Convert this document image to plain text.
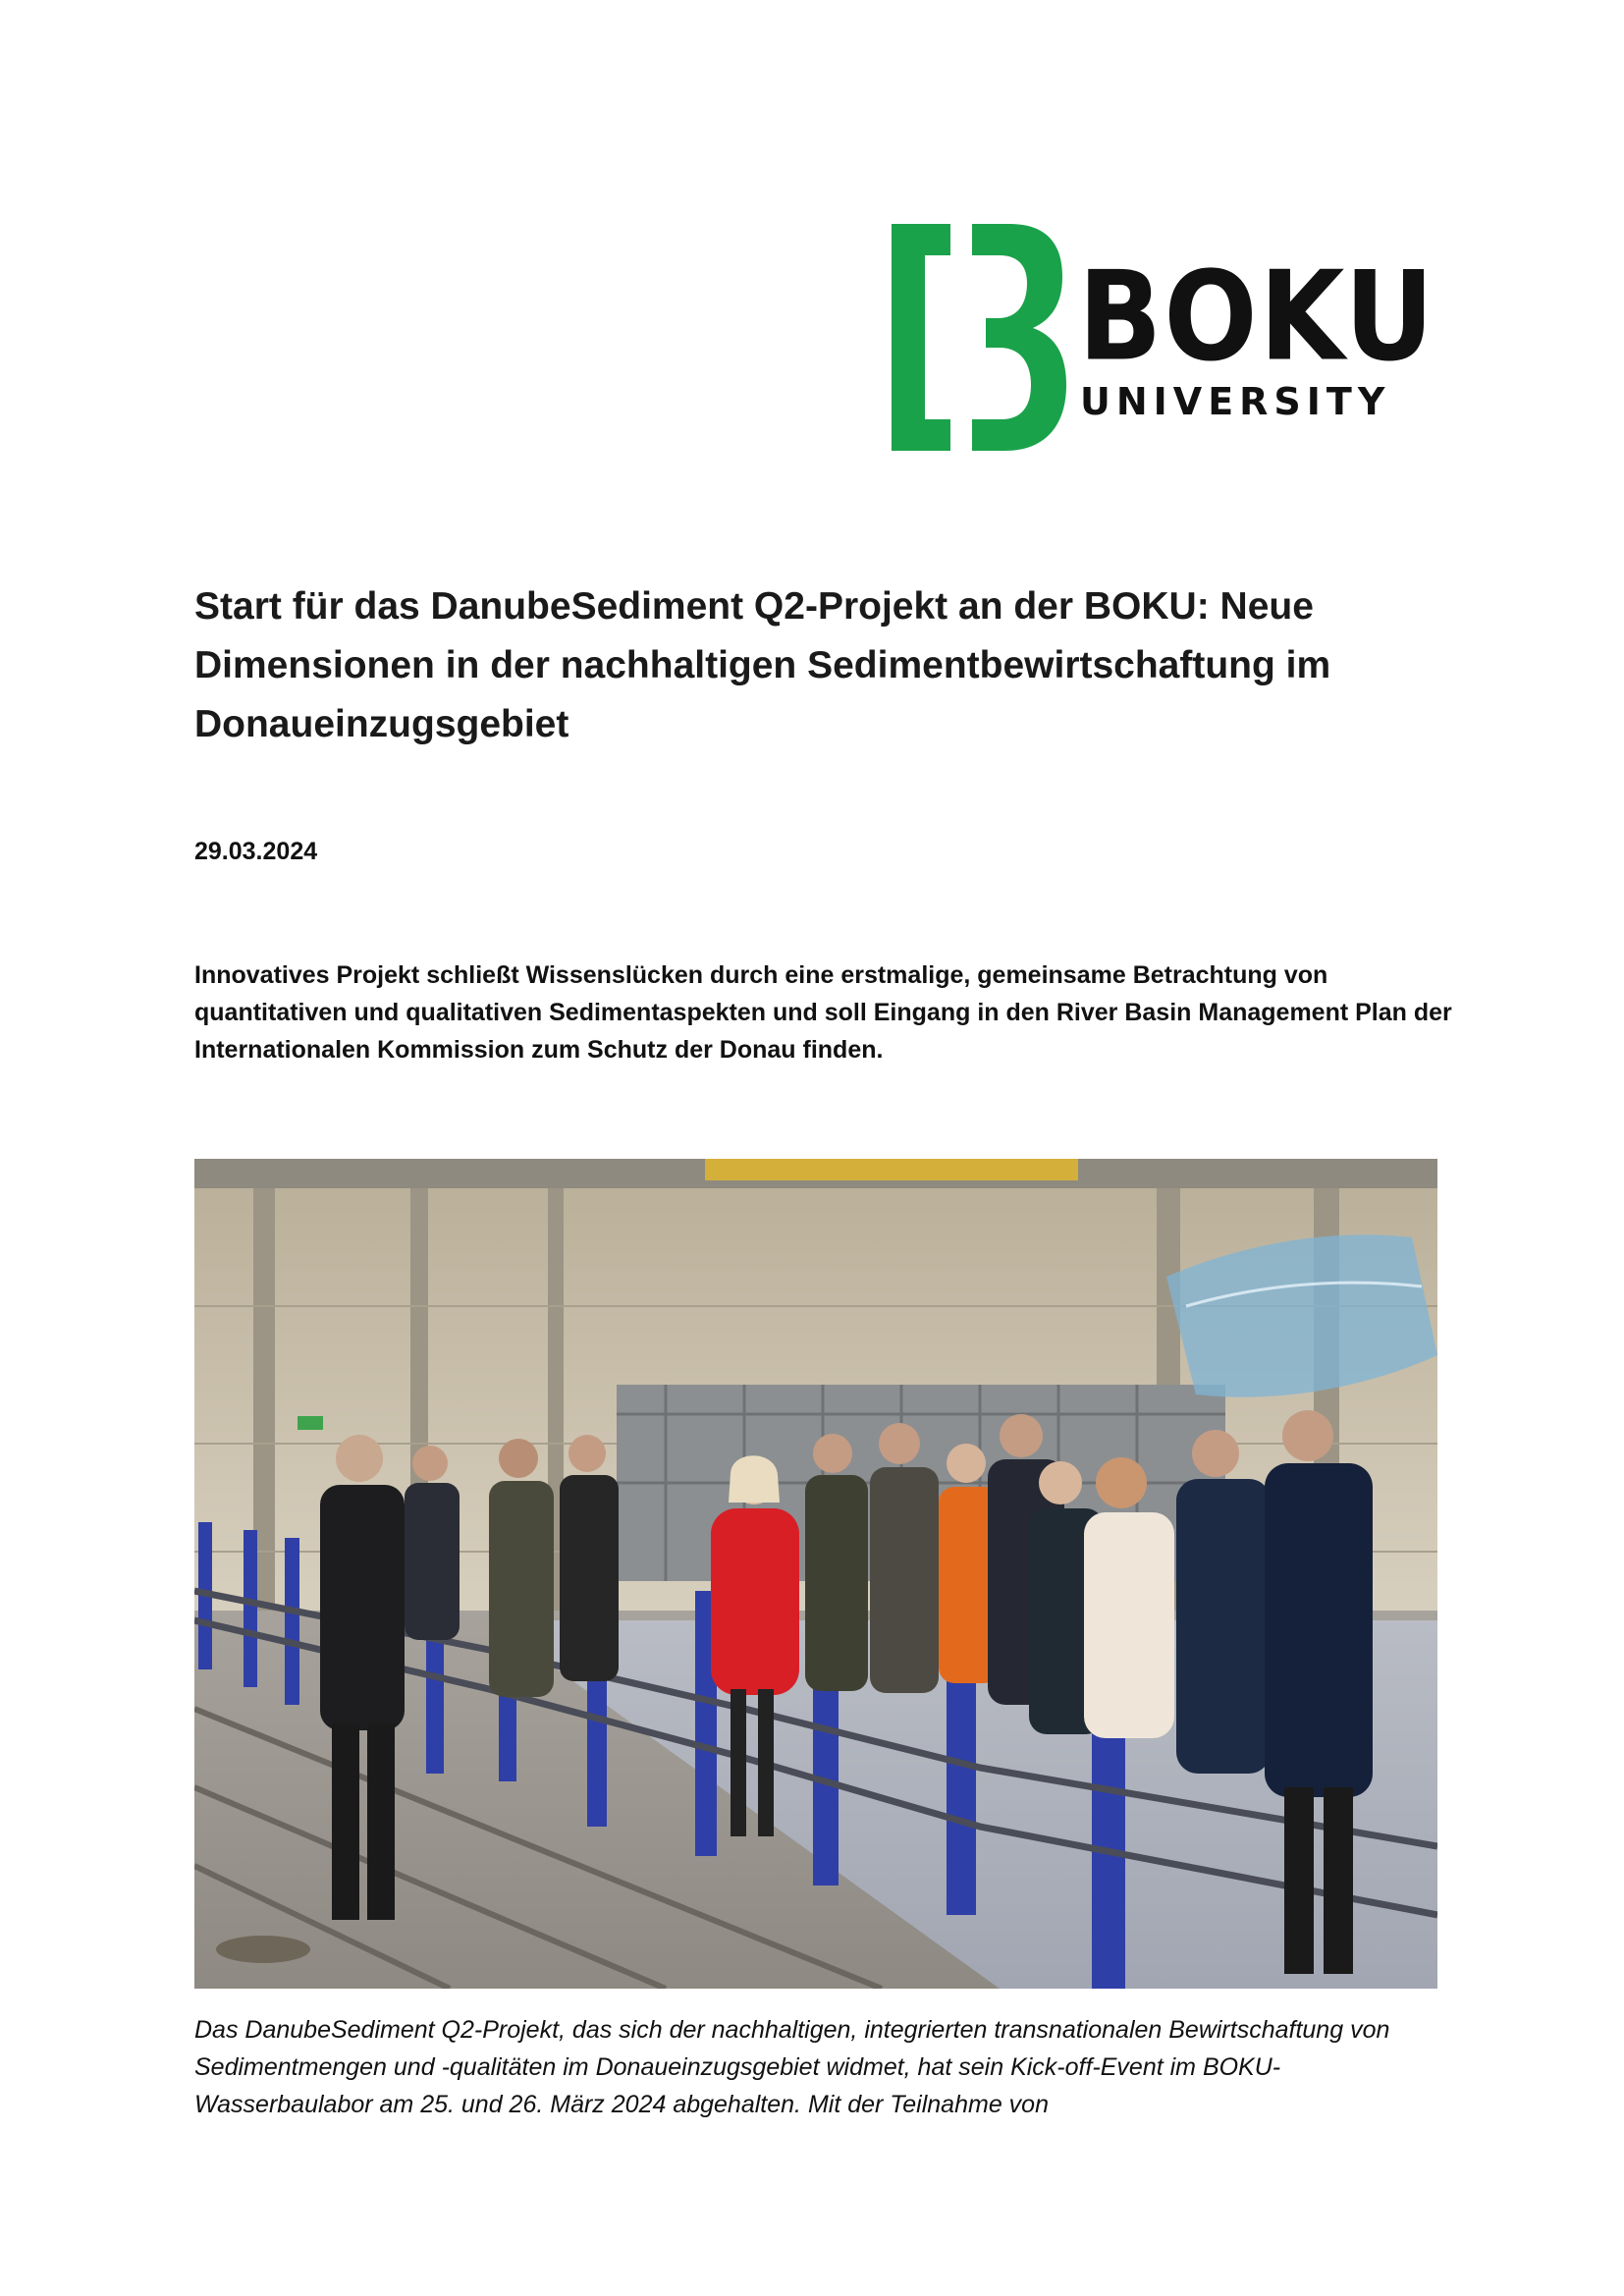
BOKU
UNIVERSITY
Start für das DanubeSediment Q2-Projekt an der BOKU: Neue Dimensionen in der nachhaltigen Sedimentbewirtschaftung im Donaueinzugsgebiet

29.03.2024

Innovatives Projekt schließt Wissenslücken durch eine erstmalige, gemeinsame Betrachtung von quantitativen und qualitativen Sedimentaspekten und soll Eingang in den River Basin Management Plan der Internationalen Kommission zum Schutz der Donau finden.

Das DanubeSediment Q2-Projekt, das sich der nachhaltigen, integrierten transnationalen Bewirtschaftung von Sedimentmengen und -qualitäten im Donaueinzugsgebiet widmet, hat sein Kick-off-Event im BOKU-Wasserbaulabor am 25. und 26. März 2024 abgehalten. Mit der Teilnahme von
